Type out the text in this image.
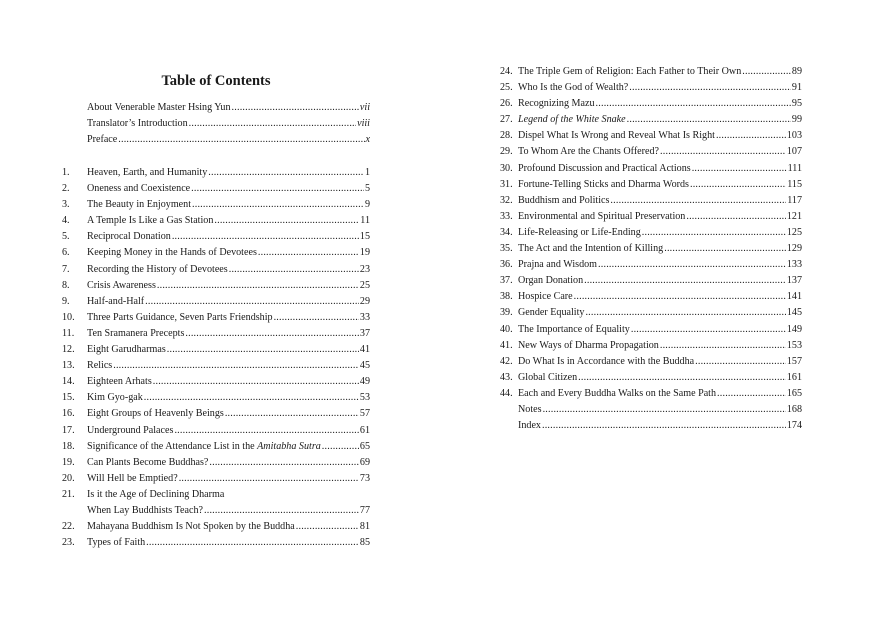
Table of Contents
About Venerable Master Hsing Yun .....	vii
Translator’s Introduction .....	viii
Preface .....	x
1. Heaven, Earth, and Humanity .....	1
2. Oneness and Coexistence .....	5
3. The Beauty in Enjoyment .....	9
4. A Temple Is Like a Gas Station .....	11
5. Reciprocal Donation .....	15
6. Keeping Money in the Hands of Devotees .....	19
7. Recording the History of Devotees .....	23
8. Crisis Awareness .....	25
9. Half-and-Half .....	29
10. Three Parts Guidance, Seven Parts Friendship .....	33
11. Ten Sramanera Precepts .....	37
12. Eight Garudharmas .....	41
13. Relics .....	45
14. Eighteen Arhats .....	49
15. Kim Gyo-gak .....	53
16. Eight Groups of Heavenly Beings .....	57
17. Underground Palaces .....	61
18. Significance of the Attendance List in the Amitabha Sutra .....	65
19. Can Plants Become Buddhas? .....	69
20. Will Hell be Emptied? .....	73
21. Is it the Age of Declining Dharma
When Lay Buddhists Teach? .....	77
22. Mahayana Buddhism Is Not Spoken by the Buddha .....	81
23. Types of Faith .....	85
24. The Triple Gem of Religion: Each Father to Their Own .....	89
25. Who Is the God of Wealth? .....	91
26. Recognizing Mazu .....	95
27. Legend of the White Snake .....	99
28. Dispel What Is Wrong and Reveal What Is Right .....	103
29. To Whom Are the Chants Offered? .....	107
30. Profound Discussion and Practical Actions .....	111
31. Fortune-Telling Sticks and Dharma Words .....	115
32. Buddhism and Politics .....	117
33. Environmental and Spiritual Preservation .....	121
34. Life-Releasing or Life-Ending .....	125
35. The Act and the Intention of Killing .....	129
36. Prajna and Wisdom .....	133
37. Organ Donation .....	137
38. Hospice Care .....	141
39. Gender Equality .....	145
40. The Importance of Equality .....	149
41. New Ways of Dharma Propagation .....	153
42. Do What Is in Accordance with the Buddha .....	157
43. Global Citizen .....	161
44. Each and Every Buddha Walks on the Same Path .....	165
Notes .....	168
Index .....	174
